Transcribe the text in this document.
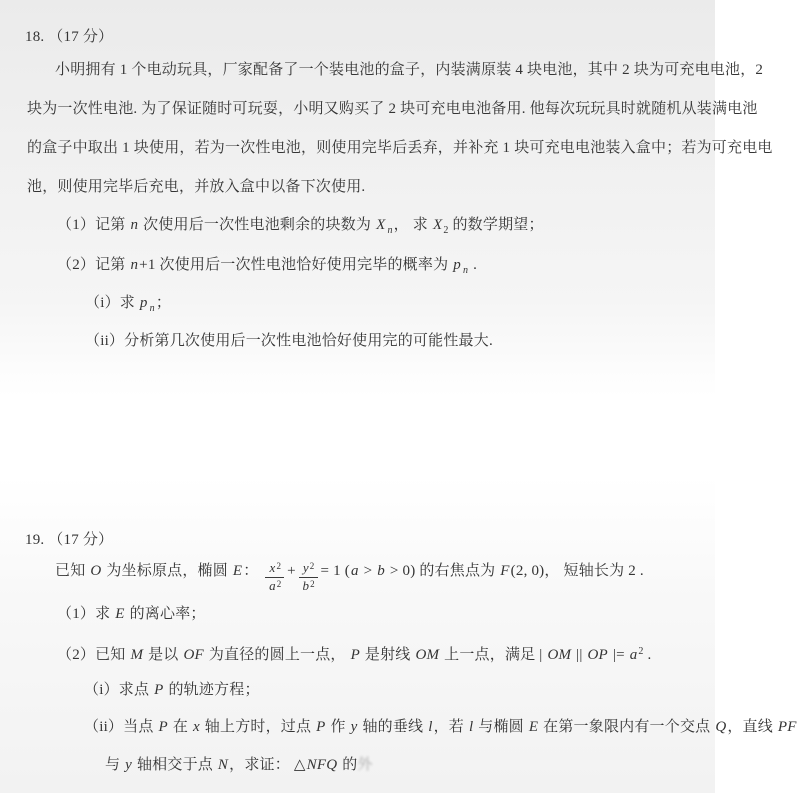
18. （17 分）
小明拥有 1 个电动玩具，厂家配备了一个装电池的盒子，内装满原装 4 块电池，其中 2 块为可充电电池，2
块为一次性电池. 为了保证随时可玩耍，小明又购买了 2 块可充电电池备用. 他每次玩玩具时就随机从装满电池
的盒子中取出 1 块使用，若为一次性电池，则使用完毕后丢弃，并补充 1 块可充电电池装入盒中；若为可充电电
池，则使用完毕后充电，并放入盒中以备下次使用.
（1）记第 n 次使用后一次性电池剩余的块数为 X $_n$， 求 $X_2$ 的数学期望；
（2）记第 n+1 次使用后一次性电池恰好使用完毕的概率为 p $_n$ .
（i）求 p $_n$；
（ii）分析第几次使用后一次性电池恰好使用完的可能性最大.
19. （17 分）
已知 O 为坐标原点，椭圆 E： $\frac{x^2}{a^2} + \frac{y^2}{b^2} = 1$ (a > b > 0) 的右焦点为 F(2, 0)， 短轴长为 2 .
（1）求 E 的离心率；
（2）已知 M 是以 OF 为直径的圆上一点， P 是射线 OM 上一点，满足 | OM || OP |= $a^2$ .
（i）求点 P 的轨迹方程；
（ii）当点 P 在 x 轴上方时，过点 P 作 y 轴的垂线 l，若 l 与椭圆 E 在第一象限内有一个交点 Q，直线 PF
与 y 轴相交于点 N，求证： △NFQ 的外
